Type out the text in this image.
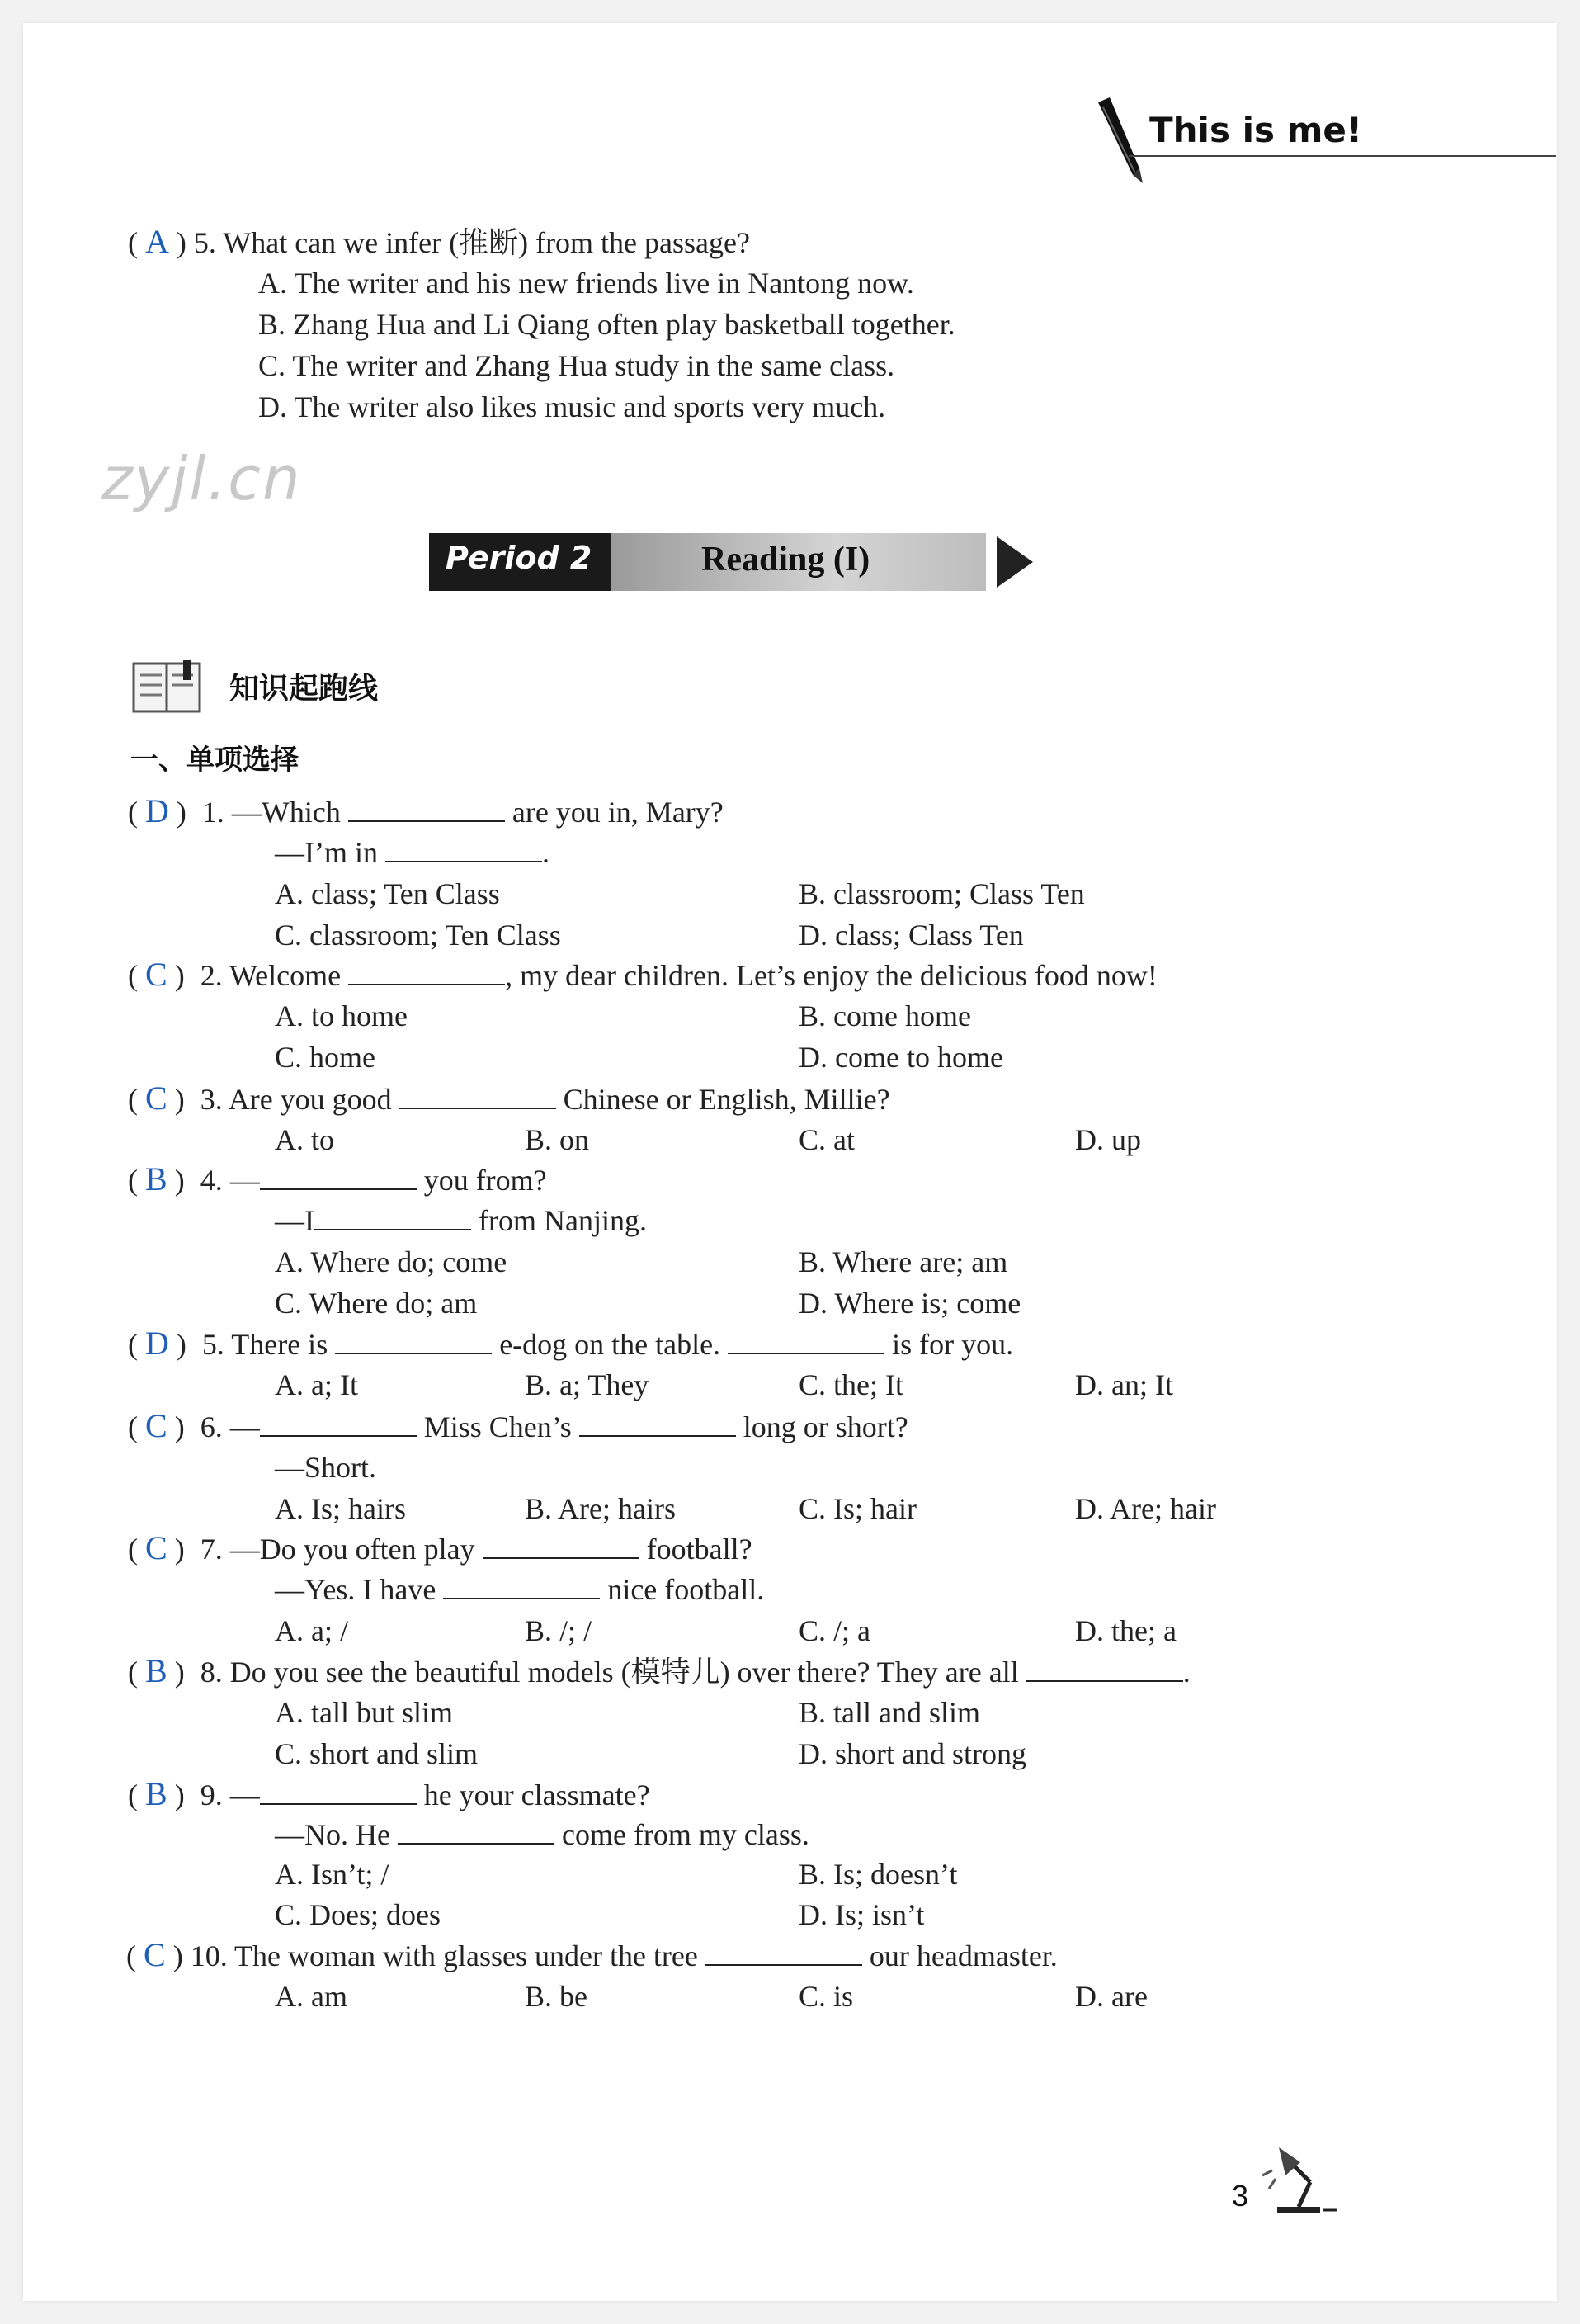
This is me!
( A ) 5. What can we infer (推断) from the passage?
A. The writer and his new friends live in Nantong now.
B. Zhang Hua and Li Qiang often play basketball together.
C. The writer and Zhang Hua study in the same class.
D. The writer also likes music and sports very much.
zyjl.cn
Period 2	Reading (I)
知识起跑线
一、单项选择
( D ) 1. —Which	are you in, Mary?
—I’m in	.
A. class; Ten Class	B. classroom; Class Ten
C. classroom; Ten Class	D. class; Class Ten
( C ) 2. Welcome	, my dear children. Let’s enjoy the delicious food now!
A. to home	B. come home
C. home	D. come to home
( C ) 3. Are you good	Chinese or English, Millie?
A. to	B. on	C. at	D. up
( B ) 4. —	you from?
—I	from Nanjing.
A. Where do; come	B. Where are; am
C. Where do; am	D. Where is; come
( D ) 5. There is	e-dog on the table.	is for you.
A. a; It	B. a; They	C. the; It	D. an; It
( C ) 6. —	Miss Chen’s	long or short?
—Short.
A. Is; hairs	B. Are; hairs	C. Is; hair	D. Are; hair
( C ) 7. —Do you often play	football?
—Yes. I have	nice football.
A. a; /	B. /; /	C. /; a	D. the; a
( B ) 8. Do you see the beautiful models (模特儿) over there? They are all	.
A. tall but slim	B. tall and slim
C. short and slim	D. short and strong
( B ) 9. —	he your classmate?
—No. He	come from my class.
A. Isn’t; /	B. Is; doesn’t
C. Does; does	D. Is; isn’t
( C ) 10. The woman with glasses under the tree	our headmaster.
A. am	B. be	C. is	D. are
3
